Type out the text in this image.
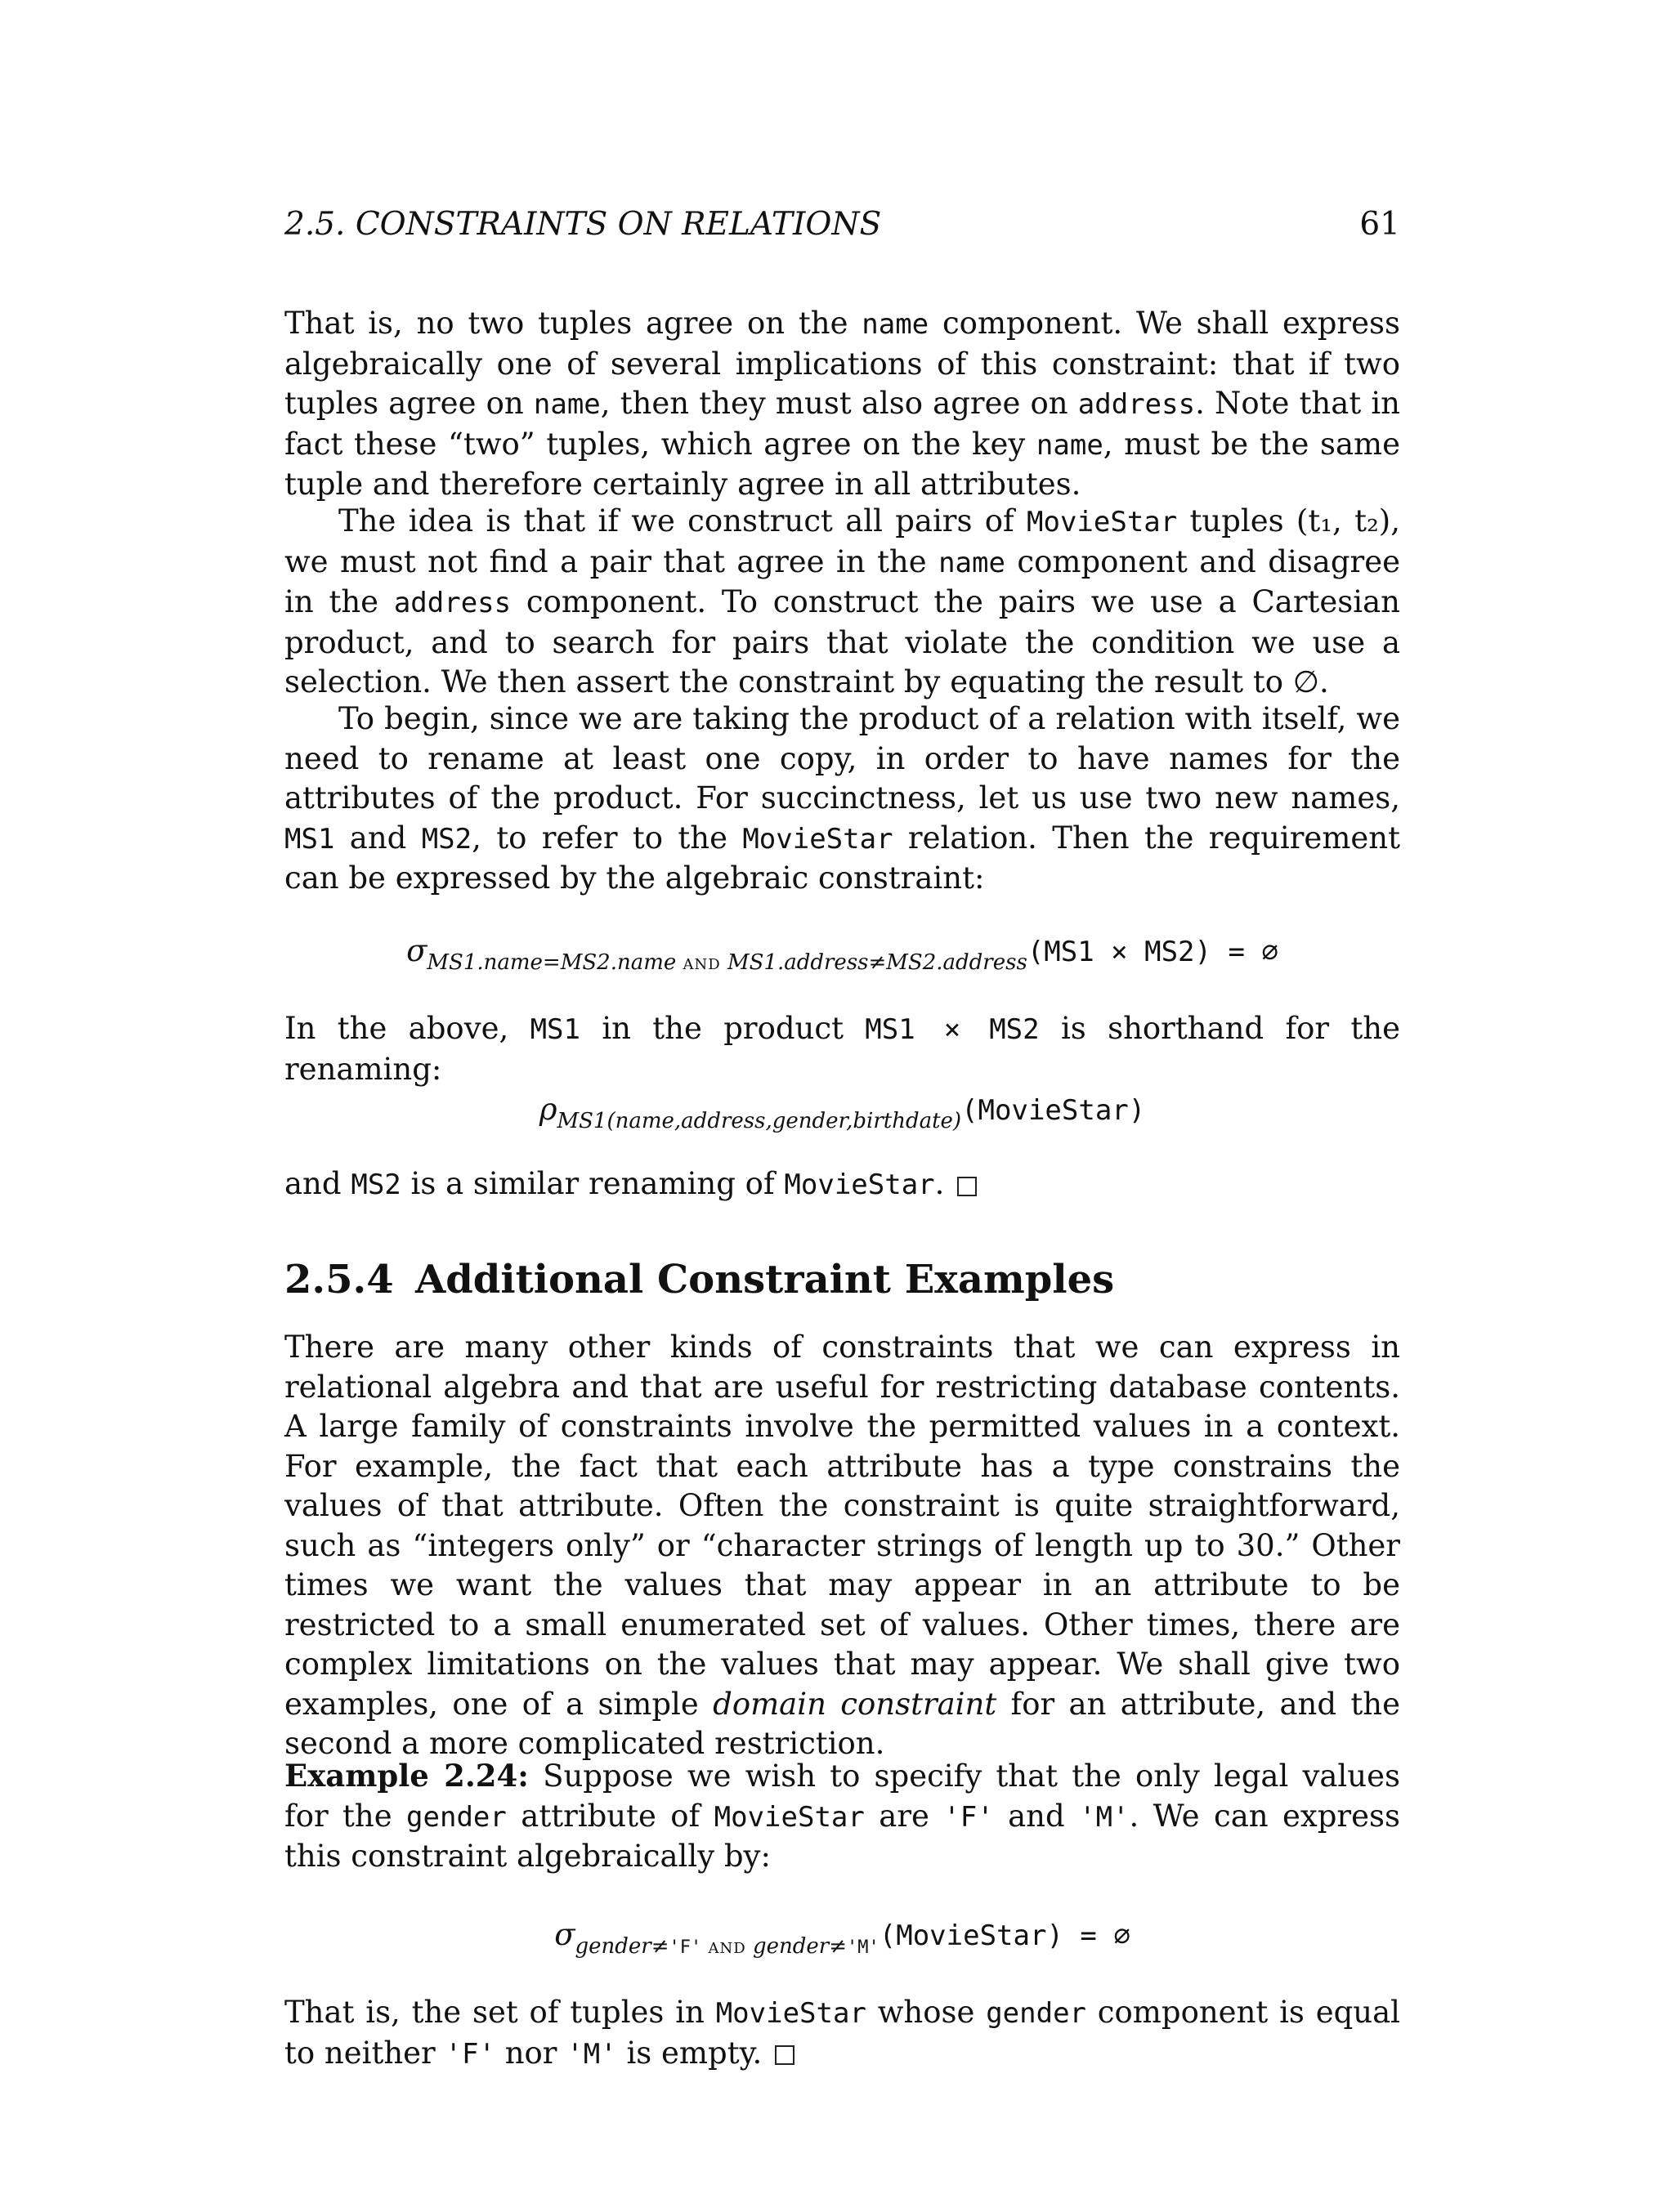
2.5. CONSTRAINTS ON RELATIONS	61

That is, no two tuples agree on the name component. We shall express algebraically one of several implications of this constraint: that if two tuples agree on name, then they must also agree on address. Note that in fact these “two” tuples, which agree on the key name, must be the same tuple and therefore certainly agree in all attributes.

The idea is that if we construct all pairs of MovieStar tuples (t₁, t₂), we must not find a pair that agree in the name component and disagree in the address component. To construct the pairs we use a Cartesian product, and to search for pairs that violate the condition we use a selection. We then assert the constraint by equating the result to ∅.

To begin, since we are taking the product of a relation with itself, we need to rename at least one copy, in order to have names for the attributes of the product. For succinctness, let us use two new names, MS1 and MS2, to refer to the MovieStar relation. Then the requirement can be expressed by the algebraic constraint:

$\sigma_{MS1.name=MS2.name AND MS1.address\ne MS2.address}(MS1 \times MS2)$ = ∅

In the above, MS1 in the product MS1 × MS2 is shorthand for the renaming:

$\rho_{MS1(name,address,gender,birthdate)}(MovieStar)$

and MS2 is a similar renaming of MovieStar.

2.5.4 Additional Constraint Examples

There are many other kinds of constraints that we can express in relational algebra and that are useful for restricting database contents. A large family of constraints involve the permitted values in a context. For example, the fact that each attribute has a type constrains the values of that attribute. Often the constraint is quite straightforward, such as “integers only” or “character strings of length up to 30.” Other times we want the values that may appear in an attribute to be restricted to a small enumerated set of values. Other times, there are complex limitations on the values that may appear. We shall give two examples, one of a simple domain constraint for an attribute, and the second a more complicated restriction.

Example 2.24: Suppose we wish to specify that the only legal values for the gender attribute of MovieStar are 'F' and 'M'. We can express this constraint algebraically by:

$\sigma_{gender\ne'F' AND gender\ne'M'}(MovieStar)$ = ∅

That is, the set of tuples in MovieStar whose gender component is equal to neither 'F' nor 'M' is empty.
